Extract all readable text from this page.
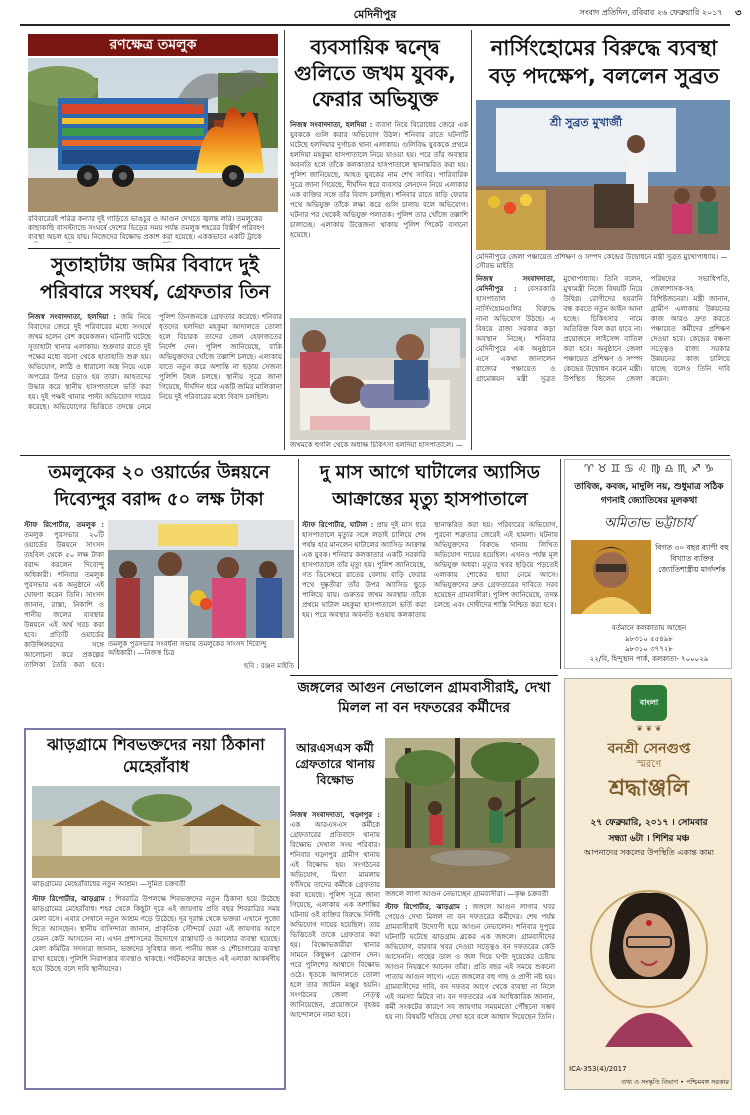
মেদিনীপুর	সংবাদ প্রতিদিন, রবিবার ২৬ ফেব্রুয়ারি ২০১৭	৩
রণক্ষেত্র তমলুক
রবিবারেরই পরিত্র কন্যার দুই গাড়িতে ভাঙচুর ও আগুন দেখতে জ্বলন্ত লরি। তমলুকের কাছাকাছি বাসস্ট্যান্ডে সংঘর্ষে দেশের ভিড়ের সময় পর্যন্ত তমলুক শহরের বিস্তীর্ণ পরিবহণ ব্যবস্থা অচল হয়ে যায়। নিজেদের বিক্ষোভ প্রকাশ করা হয়েছে। এককভাবে একটি ট্রাকে
ব্যবসায়িক দ্বন্দ্বে গুলিতে জখম যুবক, ফেরার অভিযুক্ত
নিজস্ব সংবাদদাতা, হলদিয়া : ব্যবসা নিয়ে বিরোধের জেরে এক যুবককে গুলি করার অভিযোগ উঠল। শনিবার রাতে ঘটনাটি ঘটেছে হলদিয়ার দুর্গাচক থানা এলাকায়। গুলিবিদ্ধ যুবককে প্রথমে হলদিয়া মহকুমা হাসপাতালে নিয়ে যাওয়া হয়। পরে তাঁর অবস্থার অবনতি হলে তাঁকে কলকাতার হাসপাতালে স্থানান্তরিত করা হয়। পুলিশ জানিয়েছে, আহত যুবকের নাম শেখ সাবির। পারিবারিক সূত্রে জানা গিয়েছে, দীর্ঘদিন ধরে ব্যবসার লেনদেন নিয়ে এলাকার এক ব্যক্তির সঙ্গে তাঁর বিবাদ চলছিল। শনিবার রাতে বাড়ি ফেরার পথে অভিযুক্ত তাঁকে লক্ষ্য করে গুলি চালায় বলে অভিযোগ। ঘটনার পর থেকেই অভিযুক্ত পলাতক। পুলিশ তার খোঁজে তল্লাশি চালাচ্ছে। এলাকায় উত্তেজনা থাকায় পুলিশ পিকেট বসানো হয়েছে।
জখমকে হুগলি থেকে অধ্যক্ষ চিকিৎসা হলদিয়া হাসপাতালে। —
নার্সিংহোমের বিরুদ্ধে ব্যবস্থা বড় পদক্ষেপ, বললেন সুব্রত
শ্রী সুব্রত মুখার্জী
মেদিনীপুরে জেলা পঞ্চায়েত প্রশিক্ষণ ও সম্পদ কেন্দ্রের উদ্বোধনে মন্ত্রী সুব্রত মুখোপাধ্যায়। —সৌরভ মাইতি
নিজস্ব সংবাদদাতা, মেদিনীপুর : বেসরকারি হাসপাতাল ও নার্সিংহোমগুলির বিরুদ্ধে নানা অভিযোগ উঠছে। এ বিষয়ে রাজ্য সরকার কড়া অবস্থান নিচ্ছে। শনিবার মেদিনীপুরে এক অনুষ্ঠানে এসে একথা জানালেন রাজ্যের পঞ্চায়েত ও গ্রামোন্নয়ন মন্ত্রী সুব্রত মুখোপাধ্যায়। তিনি বলেন, মুখ্যমন্ত্রী নিজে বিষয়টি নিয়ে উদ্বিগ্ন। রোগীদের হয়রানি বন্ধ করতে নতুন আইন আনা হচ্ছে। চিকিৎসার নামে অতিরিক্ত বিল করা যাবে না। প্রয়োজনে লাইসেন্স বাতিল করা হবে। অনুষ্ঠানে জেলা পঞ্চায়েত প্রশিক্ষণ ও সম্পদ কেন্দ্রের উদ্বোধন করেন মন্ত্রী। উপস্থিত ছিলেন জেলা পরিষদের সভাধিপতি, জেলাশাসক-সহ বিশিষ্টজনেরা। মন্ত্রী জানান, গ্রামীণ এলাকায় উন্নয়নের কাজ আরও দ্রুত করতে পঞ্চায়েত কর্মীদের প্রশিক্ষণ দেওয়া হবে। কেন্দ্রের বঞ্চনা সত্ত্বেও রাজ্য সরকার উন্নয়নের কাজ চালিয়ে যাচ্ছে বলেও তিনি দাবি করেন।
সুতাহাটায় জমির বিবাদে দুই পরিবারে সংঘর্ষ, গ্রেফতার তিন
নিজস্ব সংবাদদাতা, হলদিয়া : জমি নিয়ে বিবাদের জেরে দুই পরিবারের মধ্যে সংঘর্ষে জখম হলেন বেশ কয়েকজন। ঘটনাটি ঘটেছে সুতাহাটা থানার এলাকায়। শুক্রবার রাতে দুই পক্ষের মধ্যে বচসা থেকে হাতাহাতি শুরু হয়। অভিযোগ, লাঠি ও ধারালো অস্ত্র নিয়ে একে অপরের উপর চড়াও হয় তারা। আহতদের উদ্ধার করে স্থানীয় হাসপাতালে ভর্তি করা হয়। দুই পক্ষই থানায় পাল্টা অভিযোগ দায়ের করেছে। অভিযোগের ভিত্তিতে তদন্তে নেমে পুলিশ তিনজনকে গ্রেফতার করেছে। শনিবার ধৃতদের হলদিয়া মহকুমা আদালতে তোলা হলে বিচারক তাদের জেল হেফাজতের নির্দেশ দেন। পুলিশ জানিয়েছে, বাকি অভিযুক্তদের খোঁজে তল্লাশি চলছে। এলাকায় যাতে নতুন করে অশান্তি না ছড়ায় সেজন্য পুলিশি টহল চলছে। স্থানীয় সূত্রে জানা গিয়েছে, দীর্ঘদিন ধরে একটি জমির মালিকানা নিয়ে দুই পরিবারের মধ্যে বিবাদ চলছিল।
তমলুকের ২০ ওয়ার্ডের উন্নয়নে দিব্যেন্দুর বরাদ্দ ৫০ লক্ষ টাকা
স্টাফ রিপোর্টার, তমলুক : তমলুক পুরসভার ২০টি ওয়ার্ডের উন্নয়নে সাংসদ তহবিল থেকে ৫০ লক্ষ টাকা বরাদ্দ করলেন দিব্যেন্দু অধিকারী। শনিবার তমলুক পুরসভার এক অনুষ্ঠানে এই ঘোষণা করেন তিনি। সাংসদ জানান, রাস্তা, নিকাশি ও পানীয় জলের ব্যবস্থার উন্নয়নে এই অর্থ খরচ করা হবে। প্রতিটি ওয়ার্ডের কাউন্সিলরদের সঙ্গে আলোচনা করে প্রকল্পের তালিকা তৈরি করা হবে।
তমলুক পুরসভার সংবর্ধনা সভায় তমলুকের সাংসদ দিব্যেন্দু অধিকারী। —নিজস্ব চিত্র
ছবি : রঞ্জন মাইতি
দু মাস আগে ঘাটালের অ্যাসিড আক্রান্তের মৃত্যু হাসপাতালে
স্টাফ রিপোর্টার, ঘাটাল : প্রায় দুই মাস ধরে হাসপাতালে মৃত্যুর সঙ্গে লড়াই চালিয়ে শেষ পর্যন্ত হার মানলেন ঘাটালের অ্যাসিড আক্রান্ত এক যুবক। শনিবার কলকাতার একটি সরকারি হাসপাতালে তাঁর মৃত্যু হয়। পুলিশ জানিয়েছে, গত ডিসেম্বরে রাতের বেলায় বাড়ি ফেরার পথে দুষ্কৃতীরা তাঁর উপর অ্যাসিড ছুড়ে পালিয়ে যায়। গুরুতর জখম অবস্থায় তাঁকে প্রথমে ঘাটাল মহকুমা হাসপাতালে ভর্তি করা হয়। পরে অবস্থার অবনতি হওয়ায় কলকাতায় স্থানান্তরিত করা হয়। পরিবারের অভিযোগ, পুরনো শত্রুতার জেরেই এই হামলা। ঘটনায় অভিযুক্তদের বিরুদ্ধে থানায় লিখিত অভিযোগ দায়ের হয়েছিল। এখনও পর্যন্ত মূল অভিযুক্ত অধরা। মৃত্যুর খবর ছড়িয়ে পড়তেই এলাকায় শোকের ছায়া নেমে আসে। অভিযুক্তদের দ্রুত গ্রেফতারের দাবিতে সরব হয়েছেন গ্রামবাসীরা। পুলিশ জানিয়েছে, তদন্ত চলছে এবং দোষীদের শাস্তি নিশ্চিত করা হবে।
♈ ♉ ♊ ♋ ♌ ♍ ♎ ♏ ♐ ♑
তাবিজ, কবজ, মাদুলি নয়, শুধুমাত্র সঠিক গণনাই জ্যোতিষের মূলকথা
অমিতাভ ভট্টাচার্য
বিগত ৩০ বছর ব্যাপী বহু বিখ্যাত ব্যক্তির জ্যোতিশাস্ত্রীয় মার্গদর্শক
বর্তমানে কলকাতায় আছেন
৯৮৩১০ ৫৫৪৯৮
৯৮৩১০ ৩৭৭২৮
২২/বি, হিন্দুস্থান পার্ক, কলকাতা- ৭০০০২৯
জঙ্গলের আগুন নেভালেন গ্রামবাসীরাই, দেখা মিলল না বন দফতরের কর্মীদের
জঙ্গলে লাগা আগুন নেভাচ্ছেন গ্রামবাসীরা। —কৃষ্ণ চক্রবর্তী
স্টাফ রিপোর্টার, ঝাড়গ্রাম : জঙ্গলে আগুন লাগার খবর পেয়েও দেখা মিলল না বন দফতরের কর্মীদের। শেষ পর্যন্ত গ্রামবাসীরাই উদ্যোগী হয়ে আগুন নেভালেন। শনিবার দুপুরে ঘটনাটি ঘটেছে ঝাড়গ্রাম ব্লকের এক জঙ্গলে। গ্রামবাসীদের অভিযোগ, বারবার খবর দেওয়া সত্ত্বেও বন দফতরের কেউ আসেননি। গাছের ডাল ও জল দিয়ে ঘণ্টা দুয়েকের চেষ্টায় আগুন নিয়ন্ত্রণে আনেন তাঁরা। প্রতি বছর এই সময়ে শুকনো পাতায় আগুন লাগে। এতে জঙ্গলের বহু গাছ ও প্রাণী নষ্ট হয়। গ্রামবাসীদের দাবি, বন দফতর আগে থেকে ব্যবস্থা না নিলে এই সমস্যা মিটবে না। বন দফতরের এক আধিকারিক জানান, কর্মী সংকটের কারণে সব জায়গায় সময়মতো পৌঁছনো সম্ভব হয় না। বিষয়টি খতিয়ে দেখা হবে বলে আশ্বাস দিয়েছেন তিনি।
আরএসএস কর্মী গ্রেফতারে থানায় বিক্ষোভ
নিজস্ব সংবাদদাতা, খড়্গপুর : এক আরএসএস কর্মীকে গ্রেফতারের প্রতিবাদে থানায় বিক্ষোভ দেখাল সংঘ পরিবার। শনিবার খড়্গপুর গ্রামীণ থানায় এই বিক্ষোভ হয়। সংগঠনের অভিযোগ, মিথ্যা মামলায় ফাঁসিয়ে তাদের কর্মীকে গ্রেফতার করা হয়েছে। পুলিশ সূত্রে জানা গিয়েছে, এলাকায় এক অশান্তির ঘটনায় ওই ব্যক্তির বিরুদ্ধে নির্দিষ্ট অভিযোগ দায়ের হয়েছিল। তার ভিত্তিতেই তাকে গ্রেফতার করা হয়। বিক্ষোভকারীরা থানার সামনে কিছুক্ষণ স্লোগান দেন। পরে পুলিশের আশ্বাসে বিক্ষোভ ওঠে। ধৃতকে আদালতে তোলা হলে তার জামিন মঞ্জুর হয়নি। সংগঠনের জেলা নেতৃত্ব জানিয়েছেন, প্রয়োজনে বৃহত্তর আন্দোলনে নামা হবে।
ঝাড়গ্রামে শিবভক্তদের নয়া ঠিকানা মেহেরাঁবাধ
ঝাড়গ্রামের মেহেরাঁবাধের নতুন আশ্রম। —সুমিত চক্রবর্তী
স্টাফ রিপোর্টার, ঝাড়গ্রাম : শিবরাত্রি উপলক্ষে শিবভক্তদের নতুন ঠিকানা হয়ে উঠেছে ঝাড়গ্রামের মেহেরাঁবাধ। শহর থেকে কিছুটা দূরে এই জায়গায় প্রতি বছর শিবরাত্রির সময় মেলা বসে। এবার সেখানে নতুন আশ্রম গড়ে উঠেছে। দূর দূরান্ত থেকে ভক্তরা এখানে পুজো দিতে আসছেন। স্থানীয় বাসিন্দারা জানান, প্রাকৃতিক সৌন্দর্যে ঘেরা এই জায়গায় আগে তেমন কেউ আসতেন না। এখন প্রশাসনের উদ্যোগে রাস্তাঘাট ও আলোর ব্যবস্থা হয়েছে। মেলা কমিটির সদস্যরা জানান, ভক্তদের সুবিধার জন্য পানীয় জল ও শৌচাগারের ব্যবস্থা রাখা হয়েছে। পুলিশি নিরাপত্তার ব্যবস্থাও থাকছে। পর্যটকদের কাছেও এই এলাকা আকর্ষণীয় হয়ে উঠছে বলে দাবি স্থানীয়দের।
বাংলা
❦ ❦ ❦
বনশ্রী সেনগুপ্ত
স্মরণে
শ্রদ্ধাঞ্জলি
২৭ ফেব্রুয়ারি, ২০১৭ । সোমবার
সন্ধ্যা ৬টা । শিশির মঞ্চ
আপনাদের সকলের উপস্থিতি একান্ত কাম্য
ICA-353(4)/2017
তথ্য ও সংস্কৃতি বিভাগ • পশ্চিমবঙ্গ সরকার
